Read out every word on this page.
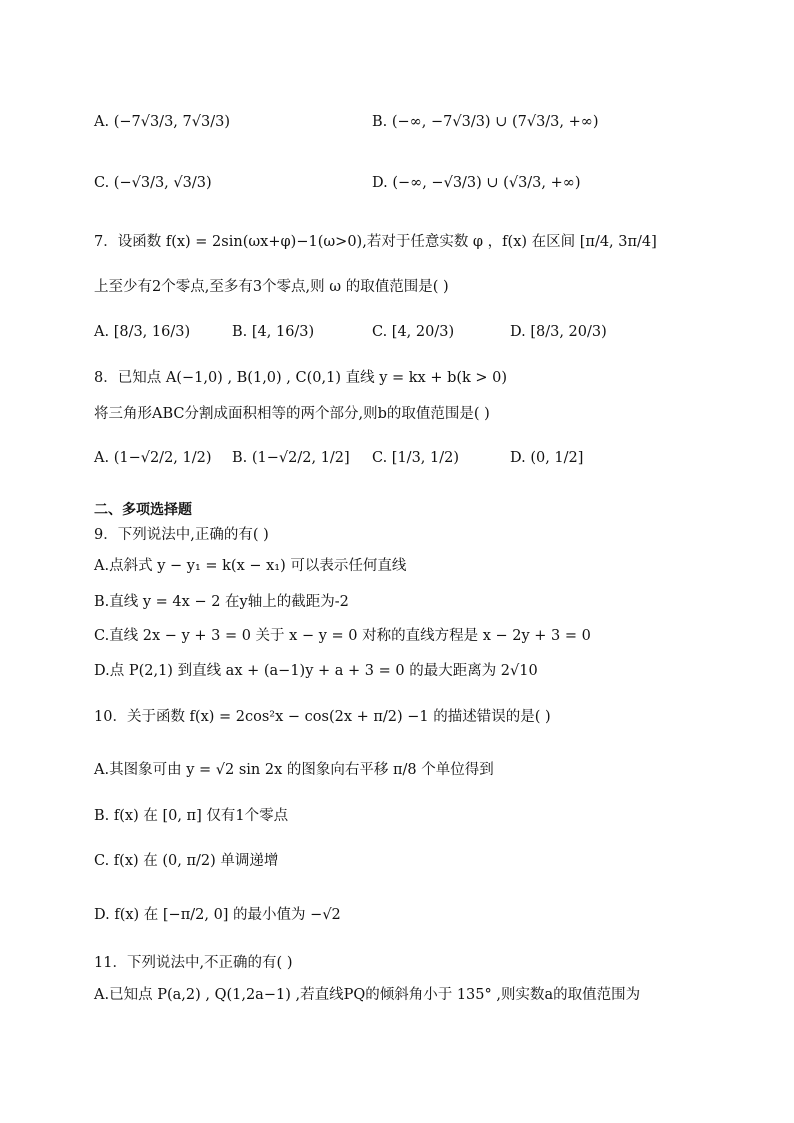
A. (−7√3/3, 7√3/3)	B. (−∞, −7√3/3) ∪ (7√3/3, +∞)
C. (−√3/3, √3/3)	D. (−∞, −√3/3) ∪ (√3/3, +∞)
7．设函数 f(x) = 2sin(ωx+φ)−1(ω>0),若对于任意实数 φ ，f(x) 在区间 [π/4, 3π/4]
上至少有2个零点,至多有3个零点,则 ω 的取值范围是( )
A. [8/3, 16/3)	B. [4, 16/3)	C. [4, 20/3)	D. [8/3, 20/3)
8．已知点 A(−1,0) , B(1,0) , C(0,1) 直线 y = kx + b(k > 0)
将三角形ABC分割成面积相等的两个部分,则b的取值范围是( )
A. (1−√2/2, 1/2) B. (1−√2/2, 1/2] C. [1/3, 1/2)	D. (0, 1/2]
二、多项选择题
9．下列说法中,正确的有( )
A.点斜式 y − y₁ = k(x − x₁) 可以表示任何直线
B.直线 y = 4x − 2 在y轴上的截距为-2
C.直线 2x − y + 3 = 0 关于 x − y = 0 对称的直线方程是 x − 2y + 3 = 0
D.点 P(2,1) 到直线 ax + (a−1)y + a + 3 = 0 的最大距离为 2√10
10．关于函数 f(x) = 2cos²x − cos(2x + π/2) −1 的描述错误的是( )
A.其图象可由 y = √2 sin 2x 的图象向右平移 π/8 个单位得到
B. f(x) 在 [0, π] 仅有1个零点
C. f(x) 在 (0, π/2) 单调递增
D. f(x) 在 [−π/2, 0] 的最小值为 −√2
11．下列说法中,不正确的有( )
A.已知点 P(a,2) , Q(1,2a−1) ,若直线PQ的倾斜角小于 135° ,则实数a的取值范围为
